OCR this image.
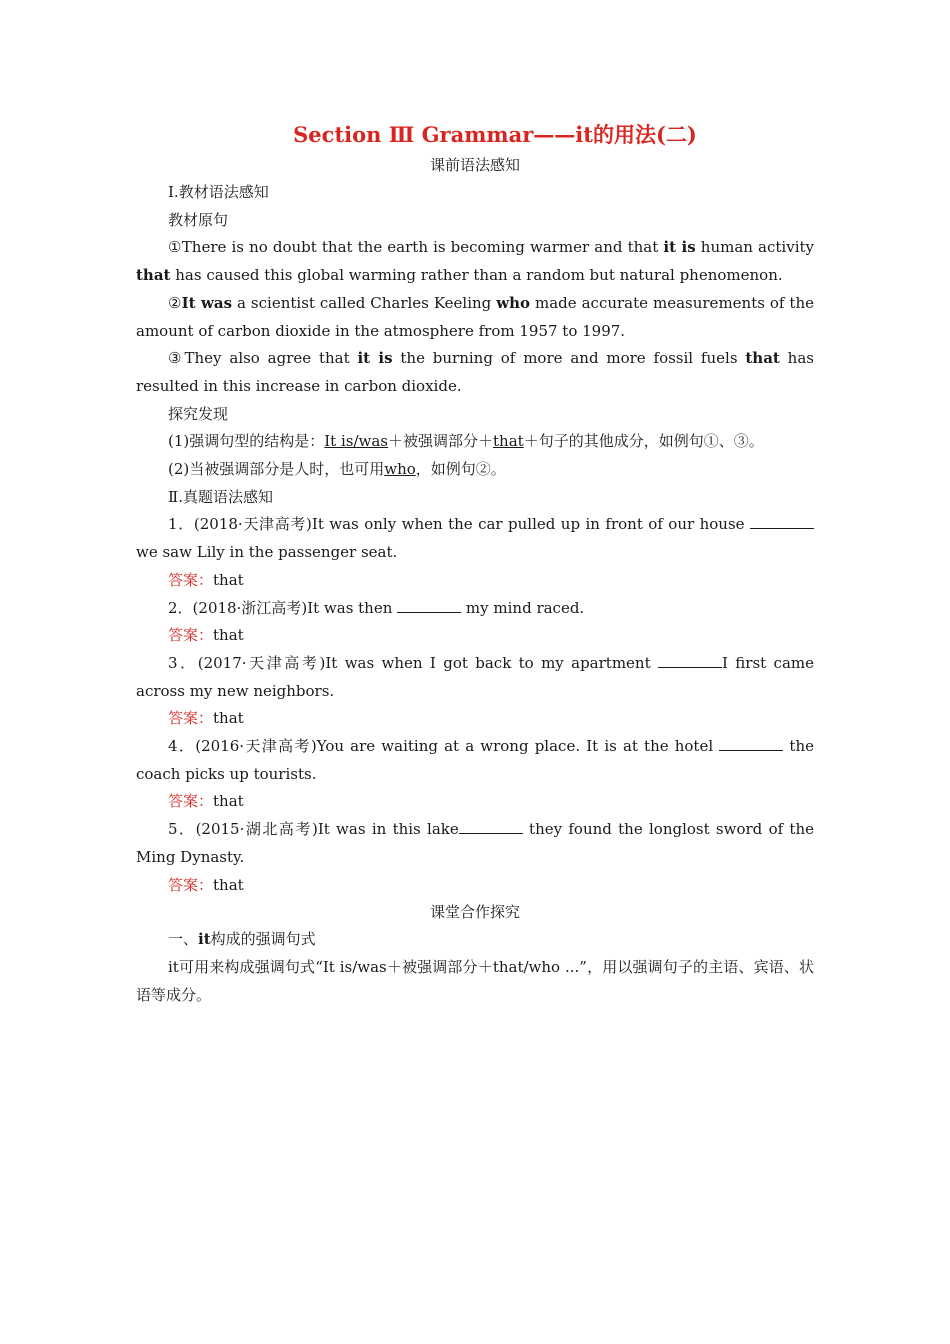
Section Ⅲ Grammar——it的用法(二)
课前语法感知

Ⅰ.教材语法感知

教材原句

①There is no doubt that the earth is becoming warmer and that it is human activity that has caused this global warming rather than a random but natural phenomenon.

②It was a scientist called Charles Keeling who made accurate measurements of the amount of carbon dioxide in the atmosphere from 1957 to 1997.

③They also agree that it is the burning of more and more fossil fuels that has resulted in this increase in carbon dioxide.

探究发现

(1)强调句型的结构是：It is/was＋被强调部分＋that＋句子的其他成分，如例句①、③。

(2)当被强调部分是人时，也可用who，如例句②。

Ⅱ.真题语法感知

1．(2018·天津高考)It was only when the car pulled up in front of our house  we saw Lily in the passenger seat.

答案：that

2．(2018·浙江高考)It was then	my mind raced.

答案：that

3．(2017·天津高考)It was when I got back to my apartment	I first came across my new neighbors.

答案：that

4．(2016·天津高考)You are waiting at a wrong place. It is at the hotel	the coach picks up tourists.

答案：that

5．(2015·湖北高考)It was in this lake	they found the longlost sword of the Ming Dynasty.

答案：that

课堂合作探究

一、it构成的强调句式

it可用来构成强调句式“It is/was＋被强调部分＋that/who ...”，用以强调句子的主语、宾语、状语等成分。
